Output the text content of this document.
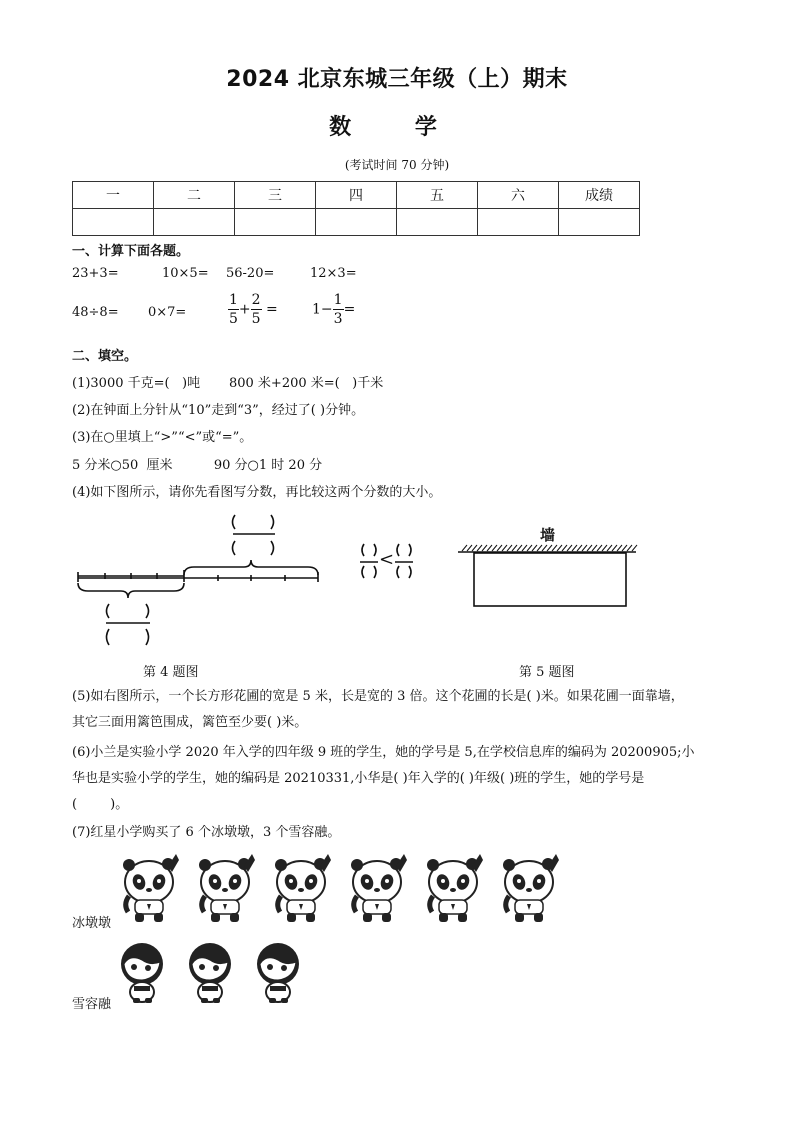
2024 北京东城三年级（上）期末
数 学
(考试时间 70 分钟)
一	二	三	四	五	六	成绩

一、计算下面各题。
23+3=	10×5= 56-20=	12×3=
48÷8= 0×7=	$\frac{1}{5} + \frac{2}{5} = 1- \frac{1}{3}$ =
二、填空。
(1)3000 千克=(   )吨       800 米+200 米=(   )千米
(2)在钟面上分针从“10”走到“3”，经过了( )分钟。
(3)在○里填上“>”“<”或“=”。
5 分米○50  厘米          90 分○1 时 20 分
(4)如下图所示，请你先看图写分数，再比较这两个分数的大小。
<
墙
第 4 题图	第 5 题图
(5)如右图所示，一个长方形花圃的宽是 5 米，长是宽的 3 倍。这个花圃的长是( )米。如果花圃一面靠墙，
其它三面用篱笆围成，篱笆至少要( )米。
(6)小兰是实验小学 2020 年入学的四年级 9 班的学生，她的学号是 5,在学校信息库的编码为 20200905;小
华也是实验小学的学生，她的编码是 20210331,小华是( )年入学的( )年级( )班的学生，她的学号是
(        )。
(7)红星小学购买了 6 个冰墩墩，3 个雪容融。
冰墩墩
雪容融
